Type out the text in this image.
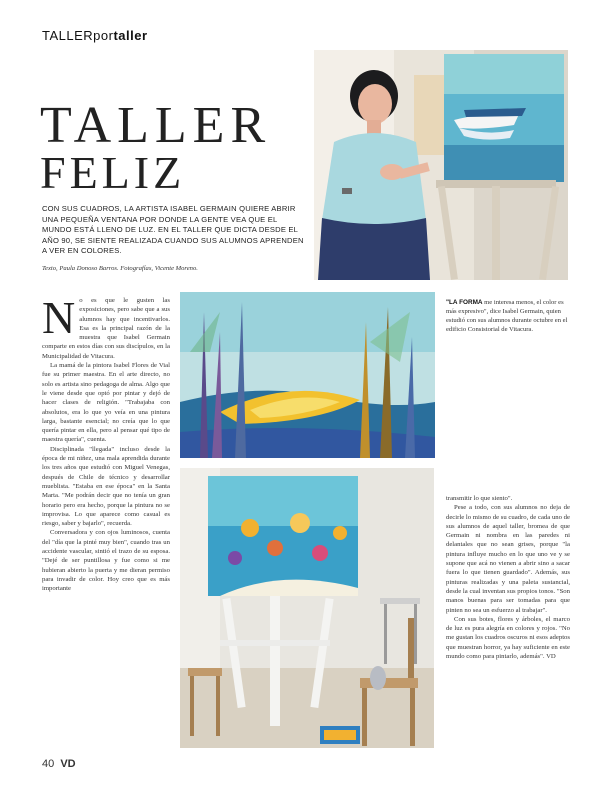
TALLERportaller
TALLER
FELIZ
CON SUS CUADROS, LA ARTISTA ISABEL GERMAIN QUIERE ABRIR UNA PEQUEÑA VENTANA POR DONDE LA GENTE VEA QUE EL MUNDO ESTÁ LLENO DE LUZ. EN EL TALLER QUE DICTA DESDE EL AÑO 90, SE SIENTE REALIZADA CUANDO SUS ALUMNOS APRENDEN A VER EN COLORES.
Texto, Paula Donoso Barros. Fotografías, Vicente Moreno.
"LA FORMA me interesa menos, el color es más expresivo", dice Isabel Germain, quien estudió con sus alumnos durante octubre en el edificio Consistorial de Vitacura.
N o es que le gusten las exposiciones, pero sabe que a sus alumnos hay que incentivarlos. Esa es la principal razón de la muestra que Isabel Germain comparte en estos días con sus discípulos, en la Municipalidad de Vitacura.

La mamá de la pintora Isabel Flores de Vial fue su primer maestra. En el arte directo, no solo es artista sino pedagoga de alma. Algo que le viene desde que optó por pintar y dejó de hacer clases de religión. "Trabajaba con absolutos, era lo que yo veía en una pintura larga, bastante esencial; no creía que lo que quería pintar en ella, pero al pensar qué tipo de maestra quería", cuenta.

Disciplinada "llegada" incluso desde la época de mi niñez, una mala aprendida durante los tres años que estudió con Miguel Venegas, después de Chile de técnico y desarrollar mueblista. "Estaba en ese época" en la Santa Marta. "Me podrán decir que no tenía un gran horario pero era hecho, porque la pintura no se improvisa. Lo que aparece como casual es riesgo, saber y bajarlo", recuerda.

Conversadora y con ojos luminosos, cuenta del "día que la pinté muy bien", cuando tras un accidente vascular, sintió el trazo de su esposa. "Dejé de ser puntillosa y fue como si me hubieran abierto la puerta y me dieran permiso para invadir de color. Hoy creo que es más importante

transmitir lo que siento".

Pese a todo, con sus alumnos no deja de decirle lo mismo de su cuadro, de cada uno de sus alumnos de aquel taller, bromea de que Germain ni nombra en las paredes ni delantales que no sean grises, porque "la pintura influye mucho en lo que uno ve y se supone que acá no vienen a abrir sino a sacar fuera lo que tienen guardado". Además, sus pinturas realizadas y una paleta sustancial, desde la cual inventan sus propios tonos. "Son manos buenas para ser tomadas para que pinten no sea un esfuerzo al trabajar".

Con sus botes, flores y árboles, el marco de luz es pura alegría en colores y rojos. "No me gustan los cuadros oscuros ni esos adeptos que muestran horror, ya hay suficiente en este mundo como para pintarlo, además". VD

40 VD
